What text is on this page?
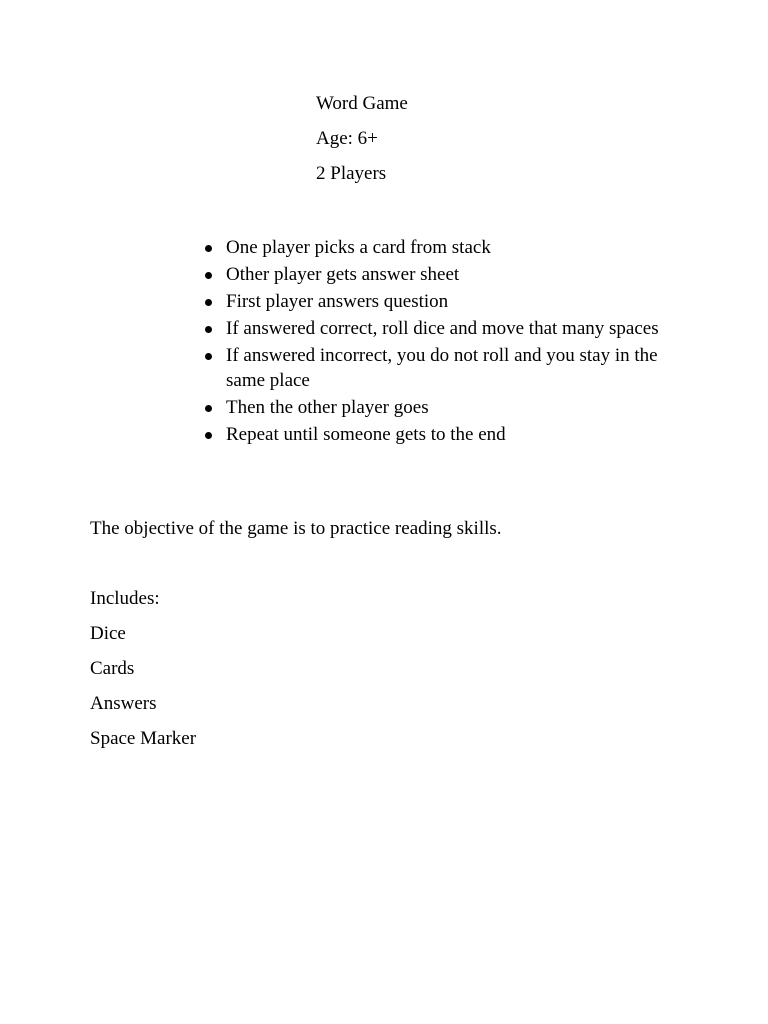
Word Game
Age: 6+
2 Players
One player picks a card from stack
Other player gets answer sheet
First player answers question
If answered correct, roll dice and move that many spaces
If answered incorrect, you do not roll and you stay in the same place
Then the other player goes
Repeat until someone gets to the end
The objective of the game is to practice reading skills.
Includes:
Dice
Cards
Answers
Space Marker
